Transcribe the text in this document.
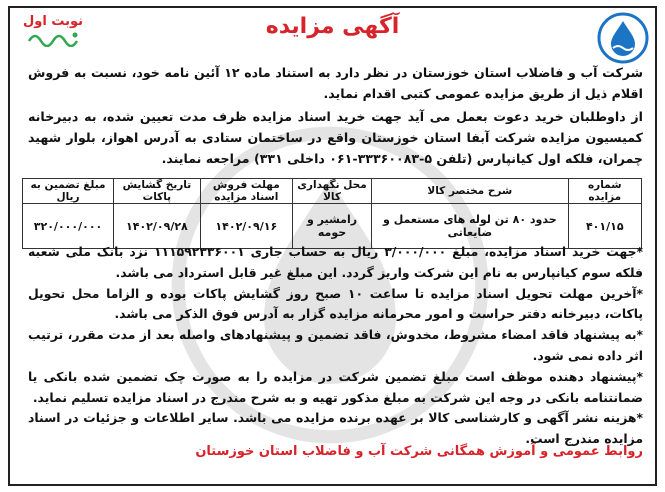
نوبت اول	آگهی مزایده
شرکت آب و فاضلاب استان خوزستان در نظر دارد به استناد ماده ۱۲ آئین نامه خود، نسبت به فروش اقلام ذیل از طریق مزایده عمومی کتبی اقدام نماید.
از داوطلبان خرید دعوت بعمل می آید جهت خرید اسناد مزایده ظرف مدت تعیین شده، به دبیرخانه کمیسیون مزایده شرکت آبفا استان خوزستان واقع در ساختمان ستادی به آدرس اهواز، بلوار شهید چمران، فلکه اول کیانپارس (تلفن ۵-۳۳۳۶۰۰۸۳-۰۶۱ داخلی ۳۳۱) مراجعه نمایند.
شماره مزایده	شرح مختصر کالا	محل نگهداری کالا	مهلت فروش اسناد مزایده	تاریخ گشایش پاکات	مبلغ تضمین به ریال
۴۰۱/۱۵	حدود ۸۰ تن لوله های مستعمل و ضایعاتی	رامشیر و حومه	۱۴۰۲/۰۹/۱۶	۱۴۰۲/۰۹/۲۸	۳۲۰/۰۰۰/۰۰۰

*جهت خرید اسناد مزایده، مبلغ ۳/۰۰۰/۰۰۰ ریال به حساب جاری ۱۱۱۵۹۲۳۳۶۰۰۱ نزد بانک ملی شعبه فلکه سوم کیانپارس به نام این شرکت واریز گردد. این مبلغ غیر قابل استرداد می باشد.

*آخرین مهلت تحویل اسناد مزایده تا ساعت ۱۰ صبح روز گشایش پاکات بوده و الزاما محل تحویل پاکات، دبیرخانه دفتر حراست و امور محرمانه مزایده گزار به آدرس فوق الذکر می باشد.

*به پیشنهاد فاقد امضاء مشروط، مخدوش، فاقد تضمین و پیشنهادهای واصله بعد از مدت مقرر، ترتیب اثر داده نمی شود.

*پیشنهاد دهنده موظف است مبلغ تضمین شرکت در مزایده را به صورت چک تضمین شده بانکی یا ضمانتنامه بانکی در وجه این شرکت به مبلغ مذکور تهیه و به شرح مندرج در اسناد مزایده تسلیم نماید.

*هزینه نشر آگهی و کارشناسی کالا بر عهده برنده مزایده می باشد. سایر اطلاعات و جزئیات در اسناد مزایده مندرج است.

روابط عمومی و آموزش همگانی شرکت آب و فاضلاب استان خوزستان
